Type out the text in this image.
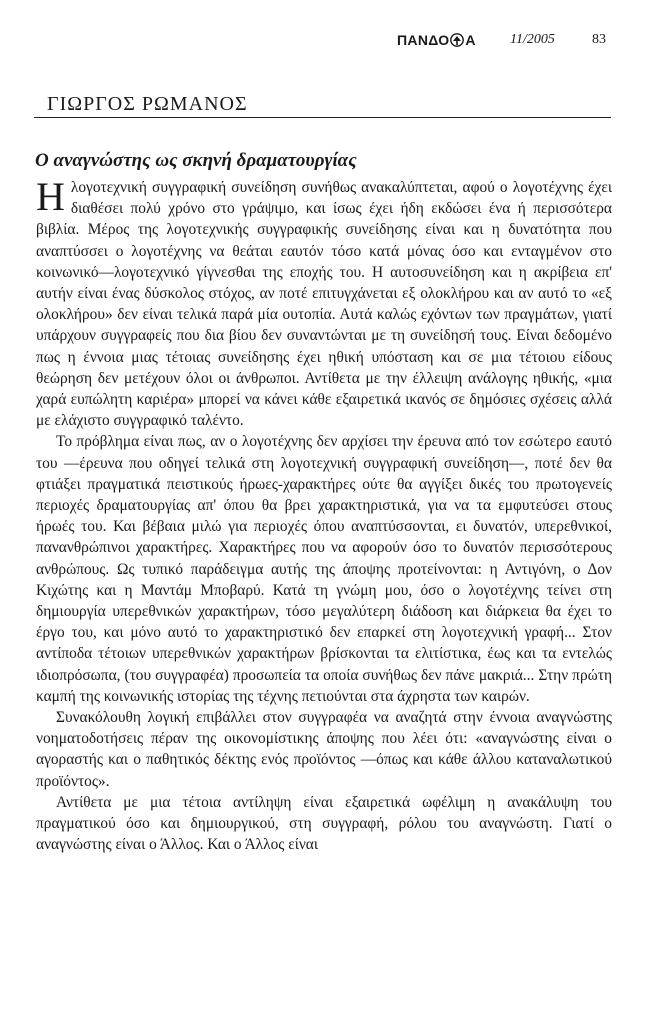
ΠΑΝΔΟ Α 11/2005	83
ΓΙΩΡΓΟΣ ΡΩΜΑΝΟΣ
Ο αναγνώστης ως σκηνή δραματουργίας

Η λογοτεχνική συγγραφική συνείδηση συνήθως ανακαλύπτεται, αφού ο λογοτέχνης έχει διαθέσει πολύ χρόνο στο γράψιμο, και ίσως έχει ήδη εκδώσει ένα ή περισσότερα βιβλία. Μέρος της λογοτεχνικής συγγραφικής συνείδησης είναι και η δυνατότητα που αναπτύσσει ο λογοτέχνης να θεάται εαυτόν τόσο κατά μόνας όσο και ενταγμένον στο κοινωνικό—λογοτεχνικό γίγνεσθαι της εποχής του. Η αυτοσυνείδηση και η ακρίβεια επ' αυτήν είναι ένας δύσκολος στόχος, αν ποτέ επιτυγχάνεται εξ ολοκλήρου και αν αυτό το «εξ ολοκλήρου» δεν είναι τελικά παρά μία ουτοπία. Αυτά καλώς εχόντων των πραγμάτων, γιατί υπάρχουν συγγραφείς που δια βίου δεν συναντώνται με τη συνείδησή τους. Είναι δεδομένο πως η έννοια μιας τέτοιας συνείδησης έχει ηθική υπόσταση και σε μια τέτοιου είδους θεώρηση δεν μετέχουν όλοι οι άνθρωποι. Αντίθετα με την έλλειψη ανάλογης ηθικής, «μια χαρά ευπώλητη καριέρα» μπορεί να κάνει κάθε εξαιρετικά ικανός σε δημόσιες σχέσεις αλλά με ελάχιστο συγγραφικό ταλέντο.

Το πρόβλημα είναι πως, αν ο λογοτέχνης δεν αρχίσει την έρευνα από τον εσώτερο εαυτό του —έρευνα που οδηγεί τελικά στη λογοτεχνική συγγραφική συνείδηση—, ποτέ δεν θα φτιάξει πραγματικά πειστικούς ήρωες-χαρακτήρες ούτε θα αγγίξει δικές του πρωτογενείς περιοχές δραματουργίας απ' όπου θα βρει χαρακτηριστικά, για να τα εμφυτεύσει στους ήρωές του. Και βέβαια μιλώ για περιοχές όπου αναπτύσσονται, ει δυνατόν, υπερεθνικοί, πανανθρώπινοι χαρακτήρες. Χαρακτήρες που να αφορούν όσο το δυνατόν περισσότερους ανθρώπους. Ως τυπικό παράδειγμα αυτής της άποψης προτείνονται: η Αντιγόνη, ο Δον Κιχώτης και η Μαντάμ Μποβαρύ. Κατά τη γνώμη μου, όσο ο λογοτέχνης τείνει στη δημιουργία υπερεθνικών χαρακτήρων, τόσο μεγαλύτερη διάδοση και διάρκεια θα έχει το έργο του, και μόνο αυτό το χαρακτηριστικό δεν επαρκεί στη λογοτεχνική γραφή... Στον αντίποδα τέτοιων υπερεθνικών χαρακτήρων βρίσκονται τα ελιτίστικα, έως και τα εντελώς ιδιοπρόσωπα, (του συγγραφέα) προσωπεία τα οποία συνήθως δεν πάνε μακριά... Στην πρώτη καμπή της κοινωνικής ιστορίας της τέχνης πετιούνται στα άχρηστα των καιρών.

Συνακόλουθη λογική επιβάλλει στον συγγραφέα να αναζητά στην έννοια αναγνώστης νοηματοδοτήσεις πέραν της οικονομίστικης άποψης που λέει ότι: «αναγνώστης είναι ο αγοραστής και ο παθητικός δέκτης ενός προϊόντος —όπως και κάθε άλλου καταναλωτικού προϊόντος».

Αντίθετα με μια τέτοια αντίληψη είναι εξαιρετικά ωφέλιμη η ανακάλυψη του πραγματικού όσο και δημιουργικού, στη συγγραφή, ρόλου του αναγνώστη. Γιατί ο αναγνώστης είναι ο Άλλος. Και ο Άλλος είναι
